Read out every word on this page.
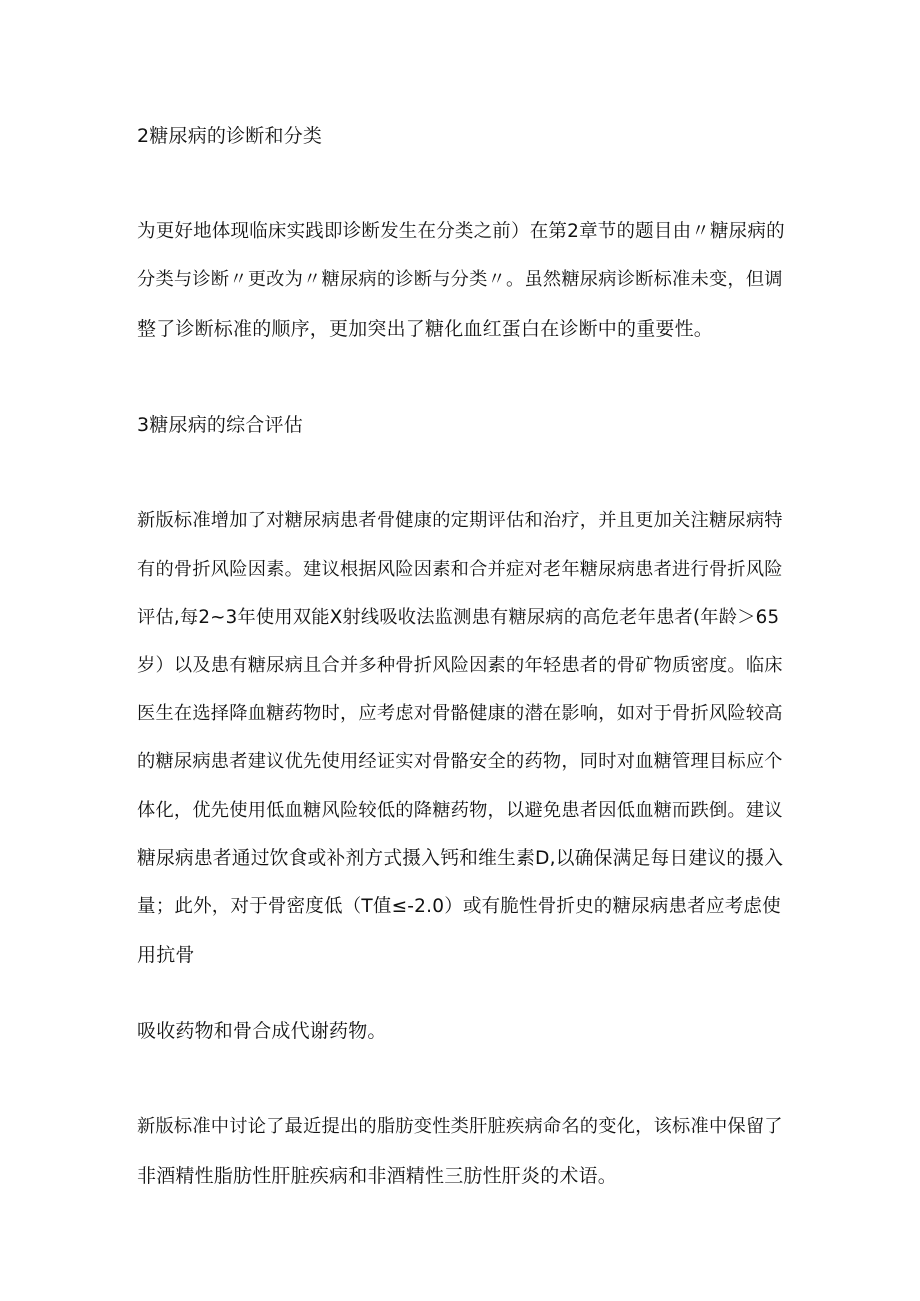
2糖尿病的诊断和分类
为更好地体现临床实践即诊断发生在分类之前）在第2章节的题目由〃糖尿病的
分类与诊断〃更改为〃糖尿病的诊断与分类〃。虽然糖尿病诊断标准未变，但调
整了诊断标准的顺序，更加突出了糖化血红蛋白在诊断中的重要性。
3糖尿病的综合评估
新版标准增加了对糖尿病患者骨健康的定期评估和治疗，并且更加关注糖尿病特
有的骨折风险因素。建议根据风险因素和合并症对老年糖尿病患者进行骨折风险
评估,每2~3年使用双能X射线吸收法监测患有糖尿病的高危老年患者(年龄＞65
岁）以及患有糖尿病且合并多种骨折风险因素的年轻患者的骨矿物质密度。临床
医生在选择降血糖药物时，应考虑对骨骼健康的潜在影响，如对于骨折风险较高
的糖尿病患者建议优先使用经证实对骨骼安全的药物，同时对血糖管理目标应个
体化，优先使用低血糖风险较低的降糖药物，以避免患者因低血糖而跌倒。建议
糖尿病患者通过饮食或补剂方式摄入钙和维生素D,以确保满足每日建议的摄入
量；此外，对于骨密度低（T值≤-2.0）或有脆性骨折史的糖尿病患者应考虑使
用抗骨
吸收药物和骨合成代谢药物。
新版标准中讨论了最近提出的脂肪变性类肝脏疾病命名的变化，该标准中保留了
非酒精性脂肪性肝脏疾病和非酒精性三肪性肝炎的术语。
